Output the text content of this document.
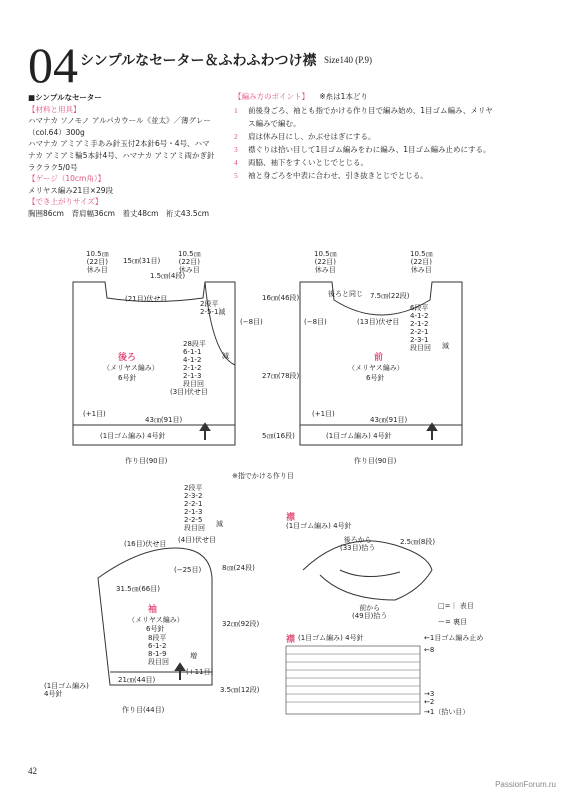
04 シンプルなセーター＆ふわふわつけ襟 Size140 (P.9)
■シンプルなセーター
【材料と用具】
ハマナカ ソノモノ アルパカウール《並太》／薄グレー
（col.64）300g
ハマナカ アミアミ手あみ針玉付2本針6号・4号、ハマ
ナカ アミアミ輪5本針4号、ハマナカ アミアミ両かぎ針
ラクラク5/0号
【ゲージ（10cm角）】
メリヤス編み21目×29段
【でき上がりサイズ】
胸囲86cm　背肩幅36cm　着丈48cm　裄丈43.5cm
【編み方のポイント】 ※糸は1本どり
1	前後身ごろ、袖とも指でかける作り目で編み始め、1目ゴム編み、メリヤ
ス編みで編む。
2	肩は休み目にし、かぶせはぎにする。
3	襟ぐりは拾い目して1目ゴム編みをわに編み、1目ゴム編み止めにする。
4	両脇、袖下をすくいとじでとじる。
5	袖と身ごろを中表に合わせ、引き抜きとじでとじる。
10.5㎝
(22目)
休み目
15㎝(31目)
10.5㎝
(22目)
休み目
1.5㎝(4段)
(21目)伏せ目
2段平
2-5-1減
(−8目)
後ろ
（メリヤス編み）
6号針
28段平
6-1-1
4-1-2
2-1-2
2-1-3
段目回
減
(3目)伏せ目
(+1目)
43㎝(91目)
(1目ゴム編み) 4号針
作り目(90目)
16㎝(46段)
27㎝(78段)
5㎝(16段)
※指でかける作り目
10.5㎝
(22目)
休み目
10.5㎝
(22目)
休み目
後ろと同じ 7.5㎝(22段)
(13目)伏せ目
(−8目)
6段平
4-1-2
2-1-2
2-2-1
2-3-1
段目回 減
前
（メリヤス編み）
6号針
(+1目)
43㎝(91目)
(1目ゴム編み) 4号針
作り目(90目)
2段平
2-3-2
2-2-1
2-1-3
2-2-5
段目回
(16目)伏せ目 (4目)伏せ目
減
(−25目)	8㎝(24段)
31.5㎝(66目)
袖
（メリヤス編み）
6号針
32㎝(92段)
8段平
6-1-2
8-1-9
段目回
増
(+11目)
21㎝(44目)
(1目ゴム編み)
4号針	3.5㎝(12段)
作り目(44目)
襟
(1目ゴム編み) 4号針
後ろから
(33目)拾う
2.5㎝(8段)
前から
(49目)拾う
□=｜ 表目
ー= 裏目
襟 (1目ゴム編み) 4号針	←1目ゴム編み止め
←8
→3
←2
→1（拾い目）
42
PassionForum.ru
